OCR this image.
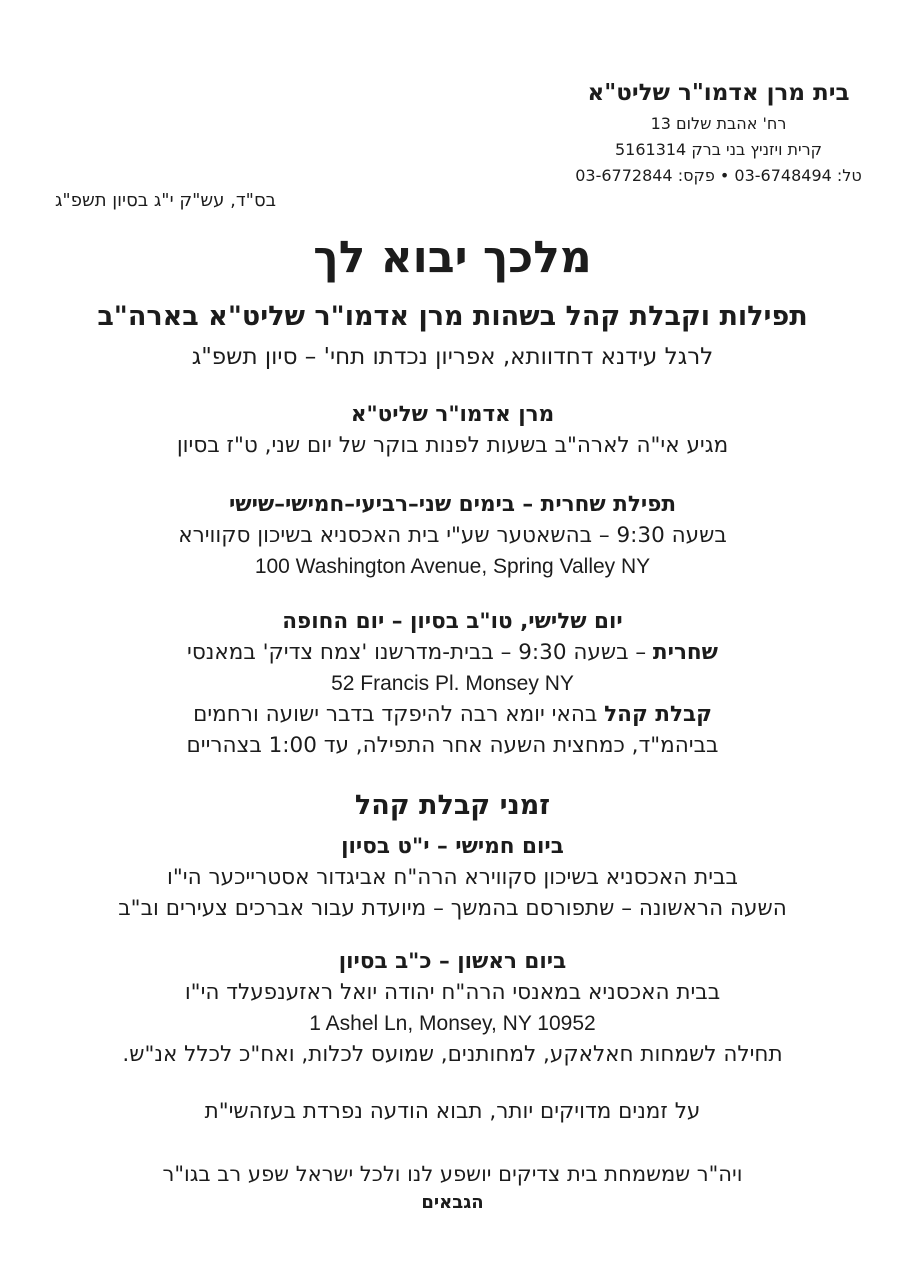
בית מרן אדמו"ר שליט"א
רח' אהבת שלום 13
קרית ויזניץ בני ברק 5161314
טל: 03-6748494 • פקס: 03-6772844
בס"ד, עש"ק י"ג בסיון תשפ"ג
מלכך יבוא לך
תפילות וקבלת קהל בשהות מרן אדמו"ר שליט"א בארה"ב
לרגל עידנא דחדוותא, אפריון נכדתו תחי' – סיון תשפ"ג
מרן אדמו"ר שליט"א
מגיע אי"ה לארה"ב בשעות לפנות בוקר של יום שני, ט"ז בסיון
תפילת שחרית – בימים שני–רביעי–חמישי–שישי
בשעה 9:30 – בהשאטער שע"י בית האכסניא בשיכון סקווירא
100 Washington Avenue, Spring Valley NY
יום שלישי, טו"ב בסיון – יום החופה
שחרית – בשעה 9:30 – בבית-מדרשנו 'צמח צדיק' במאנסי
52 Francis Pl. Monsey NY
קבלת קהל בהאי יומא רבה להיפקד בדבר ישועה ורחמים
בביהמ"ד, כמחצית השעה אחר התפילה, עד 1:00 בצהריים
זמני קבלת קהל
ביום חמישי – י"ט בסיון
בבית האכסניא בשיכון סקווירא הרה"ח אביגדור אסטרייכער הי"ו
השעה הראשונה – שתפורסם בהמשך – מיועדת עבור אברכים צעירים וב"ב
ביום ראשון – כ"ב בסיון
בבית האכסניא במאנסי הרה"ח יהודה יואל ראזענפעלד הי"ו
1 Ashel Ln, Monsey, NY 10952
תחילה לשמחות חאלאקע, למחותנים, שמועס לכלות, ואח"כ לכלל אנ"ש.
על זמנים מדויקים יותר, תבוא הודעה נפרדת בעזהשי"ת
ויה"ר שמשמחת בית צדיקים יושפע לנו ולכל ישראל שפע רב בגו"ר
הגבאים
